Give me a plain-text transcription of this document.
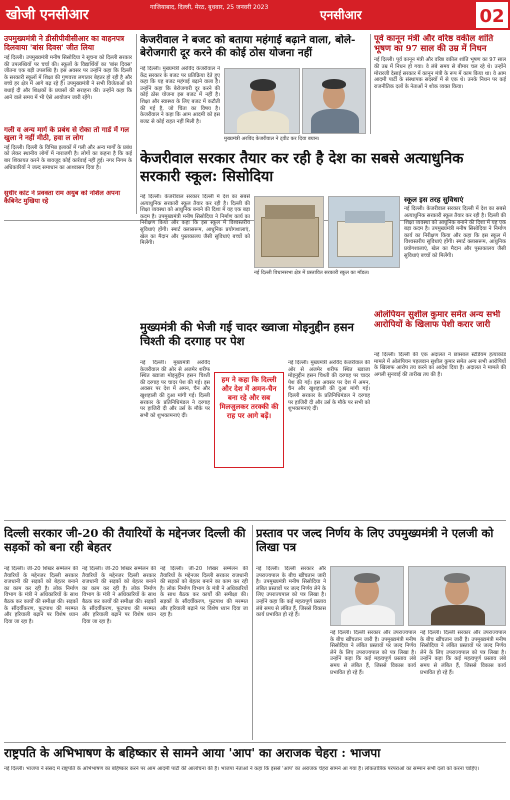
खोजी एनसीआर	गाजियाबाद, दिल्ली, मेरठ, बुधवार, 25 जनवरी 2023
एनसीआर	02
उपमुख्यमंत्री ने डीसीपीवीसीआर का वाहनपत्र दिलवाया 'बांस दिवस' जीत लिया
नई दिल्ली। उपमुख्यमंत्री मनीष सिसोदिया ने सूचना को दिल्ली सरकार की उपलब्धियों पर चर्चा की। स्कूलों के विद्यार्थियों का 'बांस दिवस' जीतना एक बड़ी उपलब्धि है। इस अवसर पर उन्होंने कहा कि दिल्ली के सरकारी स्कूलों में शिक्षा की गुणवत्ता लगातार बेहतर हो रही है और बच्चे हर क्षेत्र में आगे बढ़ रहे हैं। उपमुख्यमंत्री ने सभी विजेताओं को बधाई दी और शिक्षकों के प्रयासों की सराहना की। उन्होंने कहा कि आने वाले समय में भी ऐसे आयोजन जारी रहेंगे।
गली व अन्य मार्ग के प्रबंध से रोका तो गार्ड में गल खुला ने नहीं मीठी, हवा ल लोग
नई दिल्ली। दिल्ली के विभिन्न इलाकों में गली और अन्य मार्गों के प्रबंध को लेकर स्थानीय लोगों में नाराजगी है। लोगों का कहना है कि कई बार शिकायत करने के बावजूद कोई कार्रवाई नहीं हुई। नगर निगम के अधिकारियों ने जल्द समाधान का आश्वासन दिया है।
सुधीर कांट ने प्रवक्ता राम अयुब को नशिल अपना कैबिनेट मुखिया रहे
केजरीवाल ने बजट को बताया महंगाई बढ़ाने वाला, बोले- बेरोजगारी दूर करने की कोई ठोस योजना नहीं
नई दिल्ली। मुख्यमंत्री अरविंद केजरीवाल ने केंद्र सरकार के बजट पर प्रतिक्रिया देते हुए कहा कि यह बजट महंगाई बढ़ाने वाला है। उन्होंने कहा कि बेरोजगारी दूर करने की कोई ठोस योजना इस बजट में नहीं है। शिक्षा और स्वास्थ्य के लिए बजट में कटौती की गई है, जो चिंता का विषय है। केजरीवाल ने कहा कि आम आदमी को इस बजट से कोई राहत नहीं मिली है।
मुख्यमंत्री अरविंद केजरीवाल ने ट्वीट कर दिया बयान।
पूर्व कानून मंत्री और वरिष्ठ वकील शांति भूषण का 97 साल की उम्र में निधन
नई दिल्ली। पूर्व कानून मंत्री और वरिष्ठ वकील शांति भूषण का 97 साल की उम्र में निधन हो गया। वे लंबे समय से बीमार चल रहे थे। उन्होंने मोरारजी देसाई सरकार में कानून मंत्री के रूप में काम किया था। वे आम आदमी पार्टी के संस्थापक सदस्यों में से एक थे। उनके निधन पर कई राजनीतिक दलों के नेताओं ने शोक व्यक्त किया।
केजरीवाल सरकार तैयार कर रही है देश का सबसे अत्याधुनिक सरकारी स्कूल: सिसोदिया
नई दिल्ली। केजरीवाल सरकार दिल्ली में देश का सबसे अत्याधुनिक सरकारी स्कूल तैयार कर रही है। दिल्ली की शिक्षा व्यवस्था को आधुनिक बनाने की दिशा में यह एक बड़ा कदम है। उपमुख्यमंत्री मनीष सिसोदिया ने निर्माण कार्य का निरीक्षण किया और कहा कि इस स्कूल में विश्वस्तरीय सुविधाएं होंगी। स्मार्ट क्लासरूम, आधुनिक प्रयोगशालाएं, खेल का मैदान और पुस्तकालय जैसी सुविधाएं बच्चों को मिलेंगी।
नई दिल्ली विधानसभा क्षेत्र में प्रस्तावित सरकारी स्कूल का मॉडल।
स्कूल इस तरह सुविधाएं
नई दिल्ली। केजरीवाल सरकार दिल्ली में देश का सबसे अत्याधुनिक सरकारी स्कूल तैयार कर रही है। दिल्ली की शिक्षा व्यवस्था को आधुनिक बनाने की दिशा में यह एक बड़ा कदम है। उपमुख्यमंत्री मनीष सिसोदिया ने निर्माण कार्य का निरीक्षण किया और कहा कि इस स्कूल में विश्वस्तरीय सुविधाएं होंगी। स्मार्ट क्लासरूम, आधुनिक प्रयोगशालाएं, खेल का मैदान और पुस्तकालय जैसी सुविधाएं बच्चों को मिलेंगी।
मुख्यमंत्री की भेजी गई चादर ख्वाजा मोइनुद्दीन हसन चिश्ती की दरगाह पर पेश
नई दिल्ली। मुख्यमंत्री अरविंद केजरीवाल की ओर से अजमेर शरीफ स्थित ख्वाजा मोइनुद्दीन हसन चिश्ती की दरगाह पर चादर पेश की गई। इस अवसर पर देश में अमन, चैन और खुशहाली की दुआ मांगी गई। दिल्ली सरकार के प्रतिनिधिमंडल ने दरगाह पर हाजिरी दी और उर्स के मौके पर सभी को शुभकामनाएं दीं।
हम ने कहा कि दिल्ली और देश में अमन-चैन बना रहे और सब मिलजुलकर तरक्की की राह पर आगे बढ़ें।
नई दिल्ली। मुख्यमंत्री अरविंद केजरीवाल की ओर से अजमेर शरीफ स्थित ख्वाजा मोइनुद्दीन हसन चिश्ती की दरगाह पर चादर पेश की गई। इस अवसर पर देश में अमन, चैन और खुशहाली की दुआ मांगी गई। दिल्ली सरकार के प्रतिनिधिमंडल ने दरगाह पर हाजिरी दी और उर्स के मौके पर सभी को शुभकामनाएं दीं।
ओलंपियन सुशील कुमार समेत अन्य सभी आरोपियों के खिलाफ पेशी करार जारी
नई दिल्ली। दिल्ली की एक अदालत ने छत्रसाल स्टेडियम हत्याकांड मामले में ओलंपियन पहलवान सुशील कुमार समेत अन्य सभी आरोपियों के खिलाफ आरोप तय करने का आदेश दिया है। अदालत ने मामले की अगली सुनवाई की तारीख तय की है।
दिल्ली सरकार जी-20 की तैयारियों के मद्देनजर दिल्ली की सड़कों को बना रही बेहतर
नई दिल्ली। जी-20 शिखर सम्मेलन की तैयारियों के मद्देनजर दिल्ली सरकार राजधानी की सड़कों को बेहतर बनाने का काम कर रही है। लोक निर्माण विभाग के मंत्री ने अधिकारियों के साथ बैठक कर कार्यों की समीक्षा की। सड़कों के सौंदर्यीकरण, फुटपाथ की मरम्मत और हरियाली बढ़ाने पर विशेष ध्यान दिया जा रहा है।
नई दिल्ली। जी-20 शिखर सम्मेलन की तैयारियों के मद्देनजर दिल्ली सरकार राजधानी की सड़कों को बेहतर बनाने का काम कर रही है। लोक निर्माण विभाग के मंत्री ने अधिकारियों के साथ बैठक कर कार्यों की समीक्षा की। सड़कों के सौंदर्यीकरण, फुटपाथ की मरम्मत और हरियाली बढ़ाने पर विशेष ध्यान दिया जा रहा है।
नई दिल्ली। जी-20 शिखर सम्मेलन की तैयारियों के मद्देनजर दिल्ली सरकार राजधानी की सड़कों को बेहतर बनाने का काम कर रही है। लोक निर्माण विभाग के मंत्री ने अधिकारियों के साथ बैठक कर कार्यों की समीक्षा की। सड़कों के सौंदर्यीकरण, फुटपाथ की मरम्मत और हरियाली बढ़ाने पर विशेष ध्यान दिया जा रहा है।
प्रस्ताव पर जल्द निर्णय के लिए उपमुख्यमंत्री ने एलजी को लिखा पत्र
नई दिल्ली। दिल्ली सरकार और उपराज्यपाल के बीच खींचतान जारी है। उपमुख्यमंत्री मनीष सिसोदिया ने लंबित प्रस्तावों पर जल्द निर्णय लेने के लिए उपराज्यपाल को पत्र लिखा है। उन्होंने कहा कि कई महत्वपूर्ण प्रस्ताव लंबे समय से लंबित हैं, जिससे विकास कार्य प्रभावित हो रहे हैं।
नई दिल्ली। दिल्ली सरकार और उपराज्यपाल के बीच खींचतान जारी है। उपमुख्यमंत्री मनीष सिसोदिया ने लंबित प्रस्तावों पर जल्द निर्णय लेने के लिए उपराज्यपाल को पत्र लिखा है। उन्होंने कहा कि कई महत्वपूर्ण प्रस्ताव लंबे समय से लंबित हैं, जिससे विकास कार्य प्रभावित हो रहे हैं।
नई दिल्ली। दिल्ली सरकार और उपराज्यपाल के बीच खींचतान जारी है। उपमुख्यमंत्री मनीष सिसोदिया ने लंबित प्रस्तावों पर जल्द निर्णय लेने के लिए उपराज्यपाल को पत्र लिखा है। उन्होंने कहा कि कई महत्वपूर्ण प्रस्ताव लंबे समय से लंबित हैं, जिससे विकास कार्य प्रभावित हो रहे हैं।
राष्ट्रपति के अभिभाषण के बहिष्कार से सामने आया 'आप' का अराजक चेहरा : भाजपा
नई दिल्ली। भाजपा ने संसद में राष्ट्रपति के अभिभाषण का बहिष्कार करने पर आम आदमी पार्टी की आलोचना की है। भाजपा नेताओं ने कहा कि इससे 'आप' का अराजक चेहरा सामने आ गया है। लोकतांत्रिक परंपराओं का सम्मान सभी दलों को करना चाहिए।
